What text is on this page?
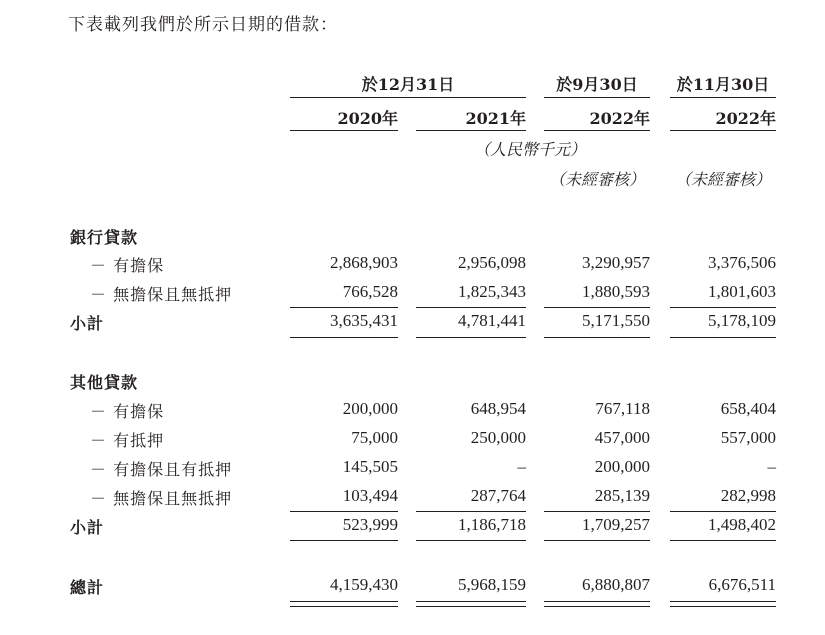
下表載列我們於所示日期的借款：
於12月31日	於9月30日	於11月30日
2020年	2021年	2022年	2022年
（人民幣千元）
（未經審核）	（未經審核）
銀行貸款
－ 有擔保	2,868,903	2,956,098	3,290,957	3,376,506
－ 無擔保且無抵押	766,528	1,825,343	1,880,593	1,801,603
小計	3,635,431	4,781,441	5,171,550	5,178,109
其他貸款
－ 有擔保	200,000	648,954	767,118	658,404
－ 有抵押	75,000	250,000	457,000	557,000
－ 有擔保且有抵押	145,505	–	200,000	–
－ 無擔保且無抵押	103,494	287,764	285,139	282,998
小計	523,999	1,186,718	1,709,257	1,498,402
總計	4,159,430	5,968,159	6,880,807	6,676,511
